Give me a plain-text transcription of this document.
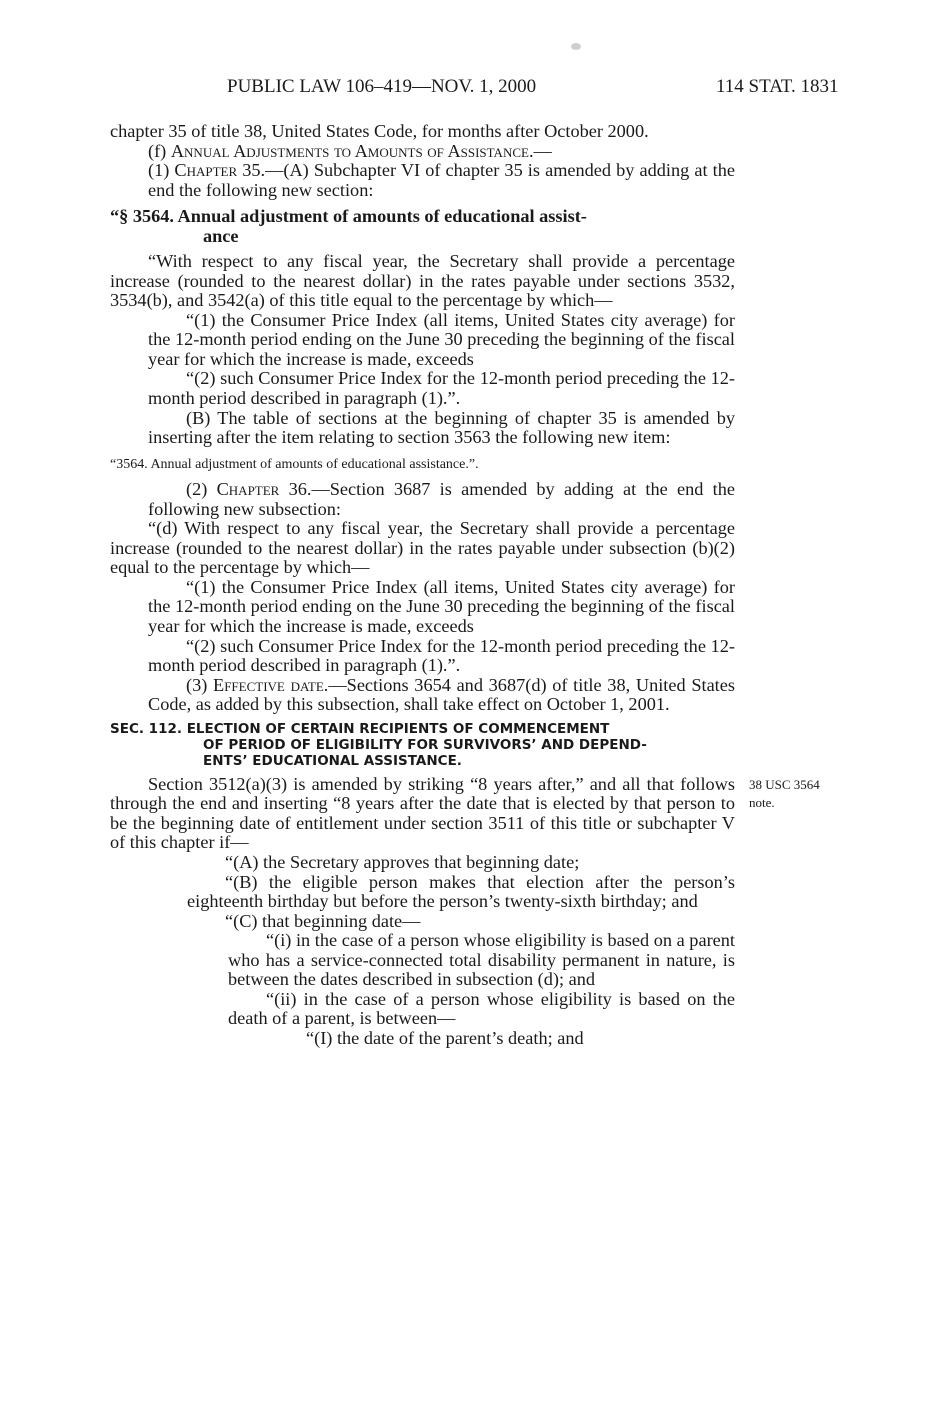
PUBLIC LAW 106–419—NOV. 1, 2000	114 STAT. 1831

chapter 35 of title 38, United States Code, for months after October 2000.

(f) Annual Adjustments to Amounts of Assistance.—

(1) Chapter 35.—(A) Subchapter VI of chapter 35 is amended by adding at the end the following new section:

“§ 3564. Annual adjustment of amounts of educational assist-
ance

“With respect to any fiscal year, the Secretary shall provide a percentage increase (rounded to the nearest dollar) in the rates payable under sections 3532, 3534(b), and 3542(a) of this title equal to the percentage by which—

“(1) the Consumer Price Index (all items, United States city average) for the 12-month period ending on the June 30 preceding the beginning of the fiscal year for which the increase is made, exceeds

“(2) such Consumer Price Index for the 12-month period preceding the 12-month period described in paragraph (1).”.

(B) The table of sections at the beginning of chapter 35 is amended by inserting after the item relating to section 3563 the following new item:

“3564. Annual adjustment of amounts of educational assistance.”.

(2) Chapter 36.—Section 3687 is amended by adding at the end the following new subsection:

“(d) With respect to any fiscal year, the Secretary shall provide a percentage increase (rounded to the nearest dollar) in the rates payable under subsection (b)(2) equal to the percentage by which—

“(1) the Consumer Price Index (all items, United States city average) for the 12-month period ending on the June 30 preceding the beginning of the fiscal year for which the increase is made, exceeds

“(2) such Consumer Price Index for the 12-month period preceding the 12-month period described in paragraph (1).”.

(3) Effective date.—Sections 3654 and 3687(d) of title 38, United States Code, as added by this subsection, shall take effect on October 1, 2001.

SEC. 112. ELECTION OF CERTAIN RECIPIENTS OF COMMENCEMENT
OF PERIOD OF ELIGIBILITY FOR SURVIVORS’ AND DEPEND-
ENTS’ EDUCATIONAL ASSISTANCE.

Section 3512(a)(3) is amended by striking “8 years after,” and all that follows through the end and inserting “8 years after the date that is elected by that person to be the beginning date of entitlement under section 3511 of this title or subchapter V of this chapter if—

“(A) the Secretary approves that beginning date;

“(B) the eligible person makes that election after the person’s eighteenth birthday but before the person’s twenty-sixth birthday; and

“(C) that beginning date—

“(i) in the case of a person whose eligibility is based on a parent who has a service-connected total disability permanent in nature, is between the dates described in subsection (d); and

“(ii) in the case of a person whose eligibility is based on the death of a parent, is between—

“(I) the date of the parent’s death; and

38 USC 3564
note.
